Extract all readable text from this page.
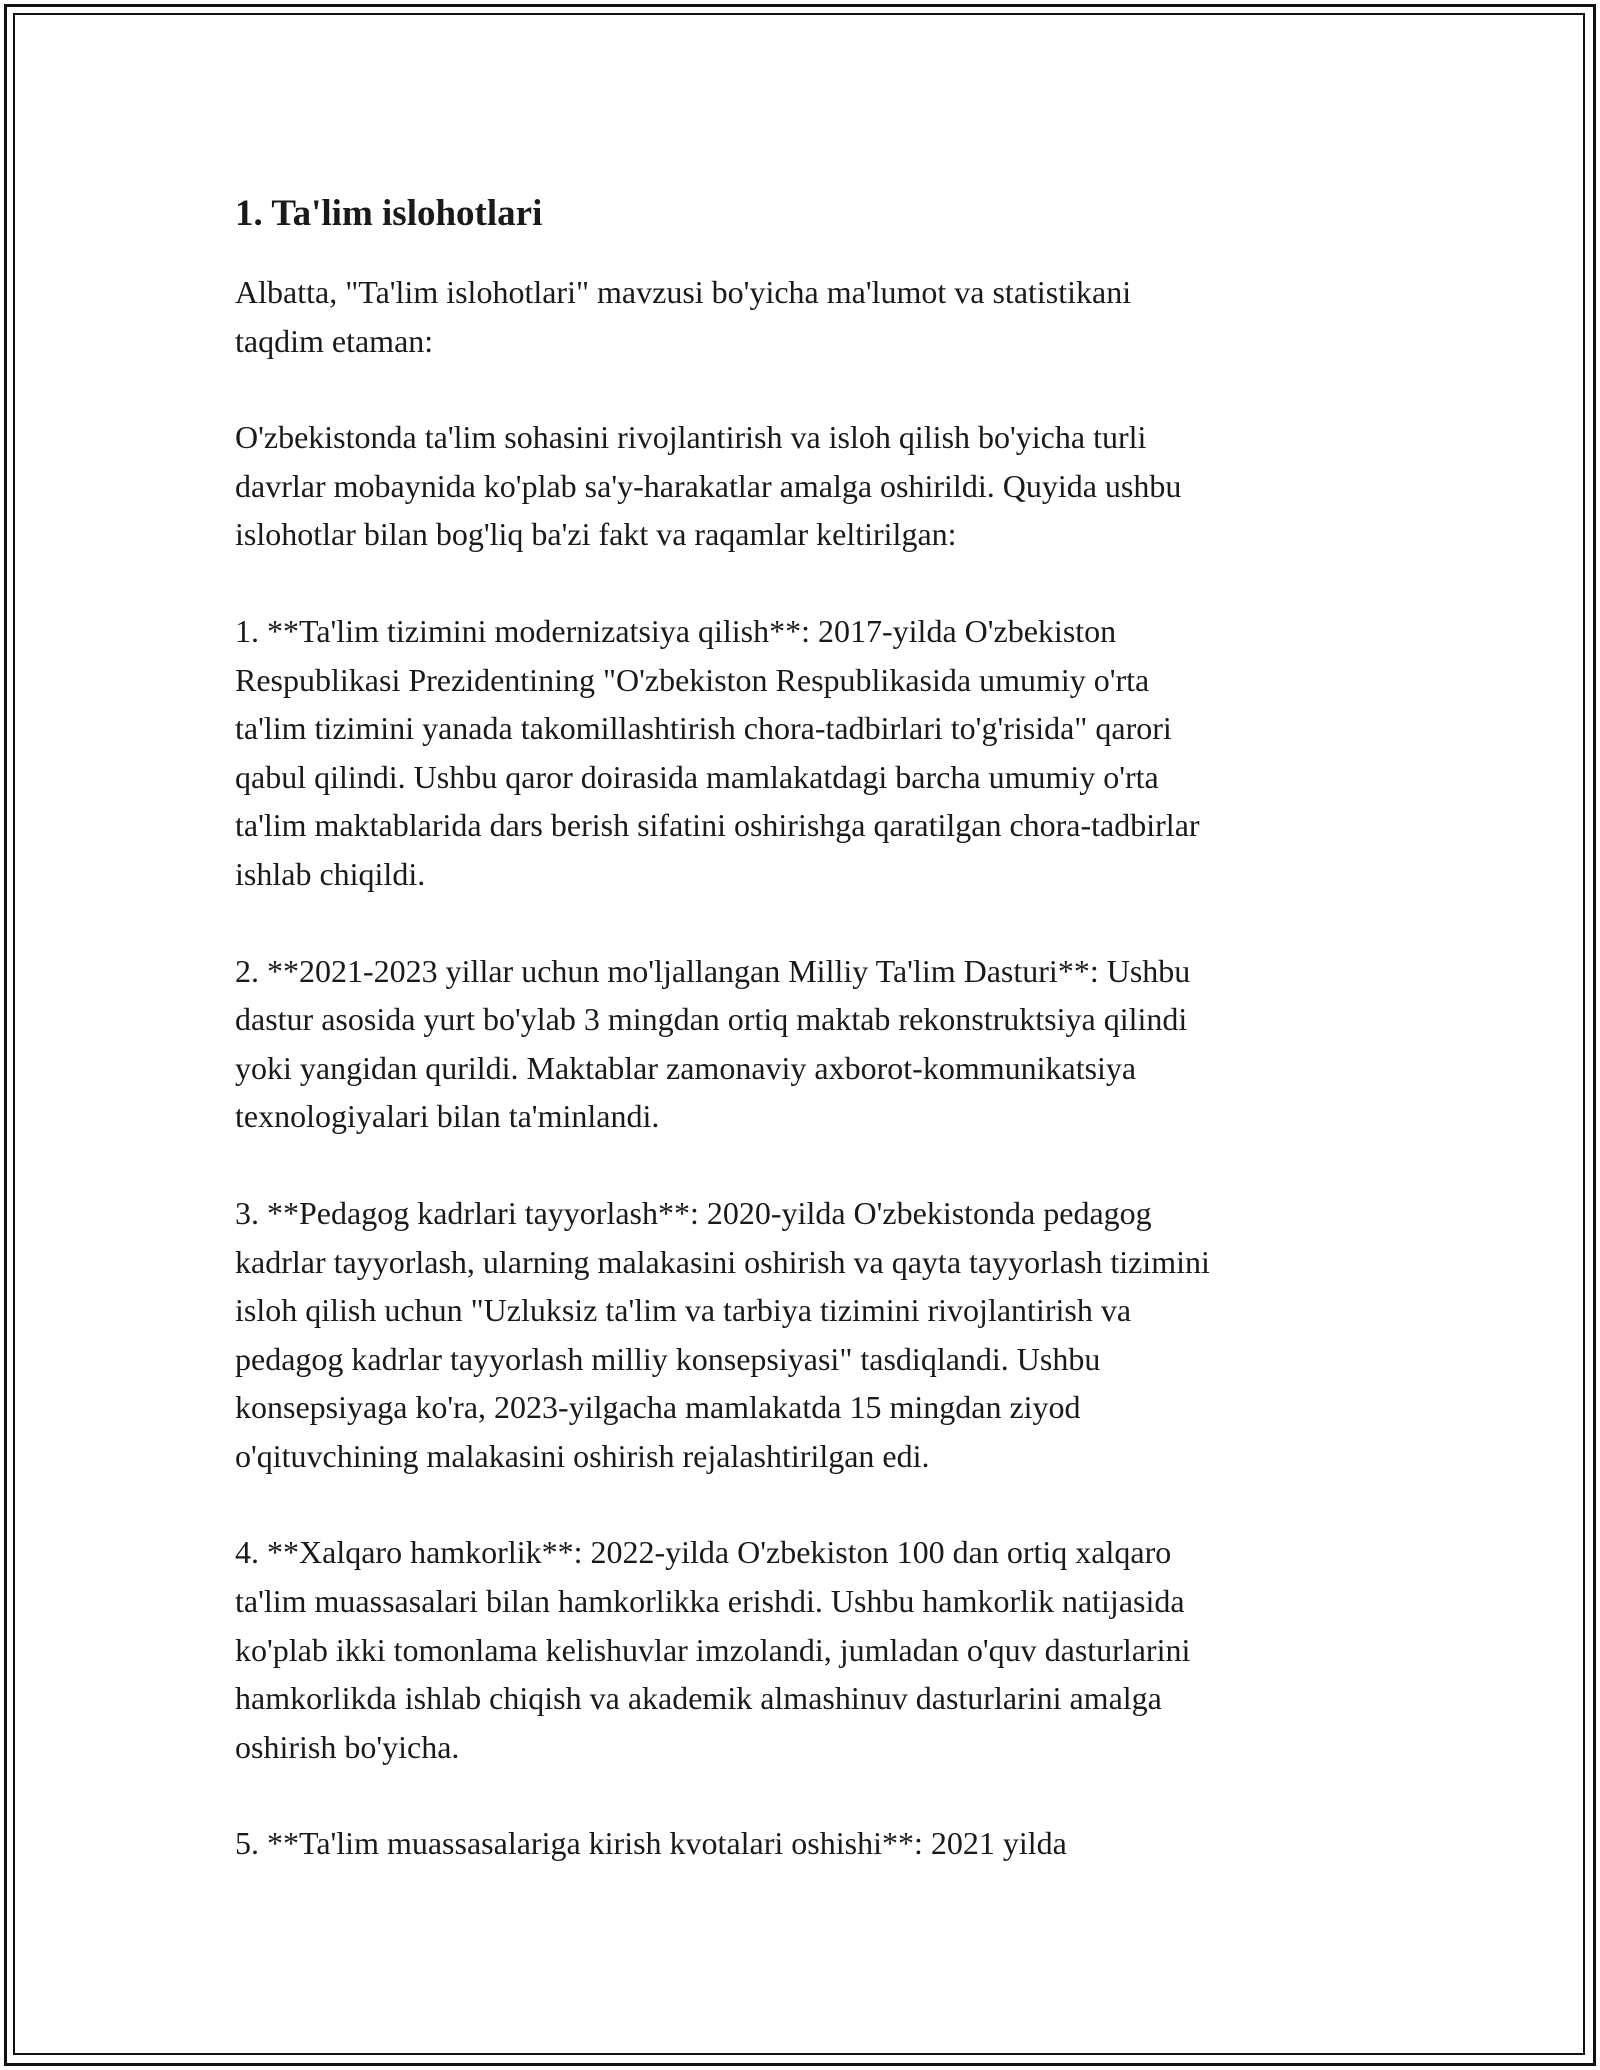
1. Ta'lim islohotlari

Albatta, "Ta'lim islohotlari" mavzusi bo'yicha ma'lumot va statistikani
taqdim etaman:

O'zbekistonda ta'lim sohasini rivojlantirish va isloh qilish bo'yicha turli
davrlar mobaynida ko'plab sa'y-harakatlar amalga oshirildi. Quyida ushbu
islohotlar bilan bog'liq ba'zi fakt va raqamlar keltirilgan:

1. **Ta'lim tizimini modernizatsiya qilish**: 2017-yilda O'zbekiston
Respublikasi Prezidentining "O'zbekiston Respublikasida umumiy o'rta
ta'lim tizimini yanada takomillashtirish chora-tadbirlari to'g'risida" qarori
qabul qilindi. Ushbu qaror doirasida mamlakatdagi barcha umumiy o'rta
ta'lim maktablarida dars berish sifatini oshirishga qaratilgan chora-tadbirlar
ishlab chiqildi.

2. **2021-2023 yillar uchun mo'ljallangan Milliy Ta'lim Dasturi**: Ushbu
dastur asosida yurt bo'ylab 3 mingdan ortiq maktab rekonstruktsiya qilindi
yoki yangidan qurildi. Maktablar zamonaviy axborot-kommunikatsiya
texnologiyalari bilan ta'minlandi.

3. **Pedagog kadrlari tayyorlash**: 2020-yilda O'zbekistonda pedagog
kadrlar tayyorlash, ularning malakasini oshirish va qayta tayyorlash tizimini
isloh qilish uchun "Uzluksiz ta'lim va tarbiya tizimini rivojlantirish va
pedagog kadrlar tayyorlash milliy konsepsiyasi" tasdiqlandi. Ushbu
konsepsiyaga ko'ra, 2023-yilgacha mamlakatda 15 mingdan ziyod
o'qituvchining malakasini oshirish rejalashtirilgan edi.

4. **Xalqaro hamkorlik**: 2022-yilda O'zbekiston 100 dan ortiq xalqaro
ta'lim muassasalari bilan hamkorlikka erishdi. Ushbu hamkorlik natijasida
ko'plab ikki tomonlama kelishuvlar imzolandi, jumladan o'quv dasturlarini
hamkorlikda ishlab chiqish va akademik almashinuv dasturlarini amalga
oshirish bo'yicha.

5. **Ta'lim muassasalariga kirish kvotalari oshishi**: 2021 yilda
